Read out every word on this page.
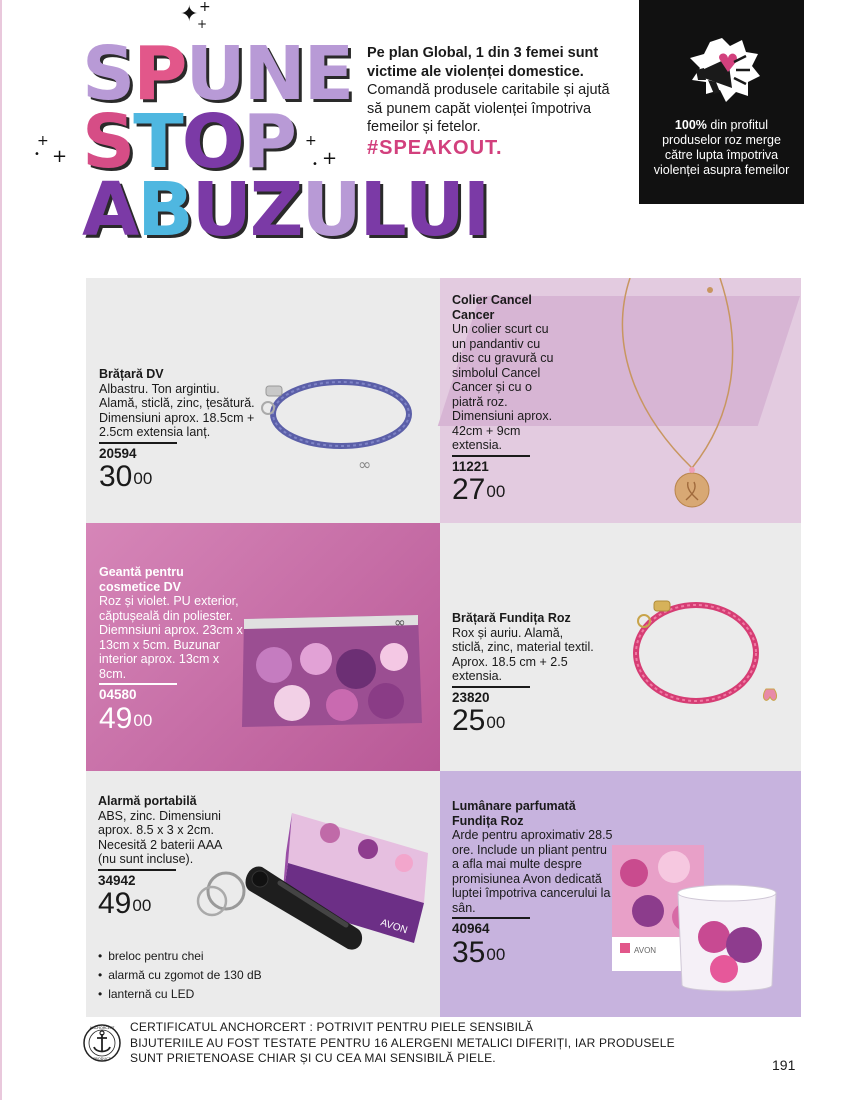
✦ +
+
+
+
•
+
+
•
SPUNE
STOP
ABUZULUI
Pe plan Global, 1 din 3 femei sunt
victime ale violenței domestice. Comandă produsele caritabile și ajută să punem capăt violenței împotriva femeilor și fetelor.
#SPEAKOUT.
100% din profitul produselor roz merge către lupta împotriva violenței asupra femeilor
∞
Brățară DV
Albastru. Ton argintiu. Alamă, sticlă, zinc, țesătură. Dimensiuni aprox. 18.5cm + 2.5cm extensia lanț.
20594
$30^{00}$
Colier Cancel Cancer
Un colier scurt cu un pandantiv cu disc cu gravură cu simbolul Cancel Cancer și cu o piatră roz. Dimensiuni aprox. 42cm + 9cm extensia.
11221
$27^{00}$
∞
Geantă pentru cosmetice DV
Roz și violet. PU exterior, căptușeală din poliester. Diemnsiuni aprox. 23cm x 13cm x 5cm. Buzunar interior aprox. 13cm x 8cm.
04580
$49^{00}$
Brățară Fundița Roz
Rox și auriu. Alamă, sticlă, zinc, material textil. Aprox. 18.5 cm + 2.5 extensia.
23820
$25^{00}$
AVON
Alarmă portabilă
ABS, zinc. Dimensiuni aprox. 8.5 x 3 x 2cm. Necesită 2 baterii AAA (nu sunt incluse).
34942
$49^{00}$
• breloc pentru chei
• alarmă cu zgomot de 130 dB
• lanternă cu LED
AVON
Lumânare parfumată Fundița Roz
Arde pentru aproximativ 28.5 ore. Include un pliant pentru a afla mai multe despre promisiunea Avon dedicată luptei împotriva cancerului la sân.
40964
$35^{00}$
ANCHORCERT
PRODUCT
CERTIFICATUL ANCHORCERT : POTRIVIT PENTRU PIELE SENSIBILĂ
BIJUTERIILE AU FOST TESTATE PENTRU 16 ALERGENI METALICI DIFERIȚI, IAR PRODUSELE SUNT PRIETENOASE CHIAR ȘI CU CEA MAI SENSIBILĂ PIELE.	191
